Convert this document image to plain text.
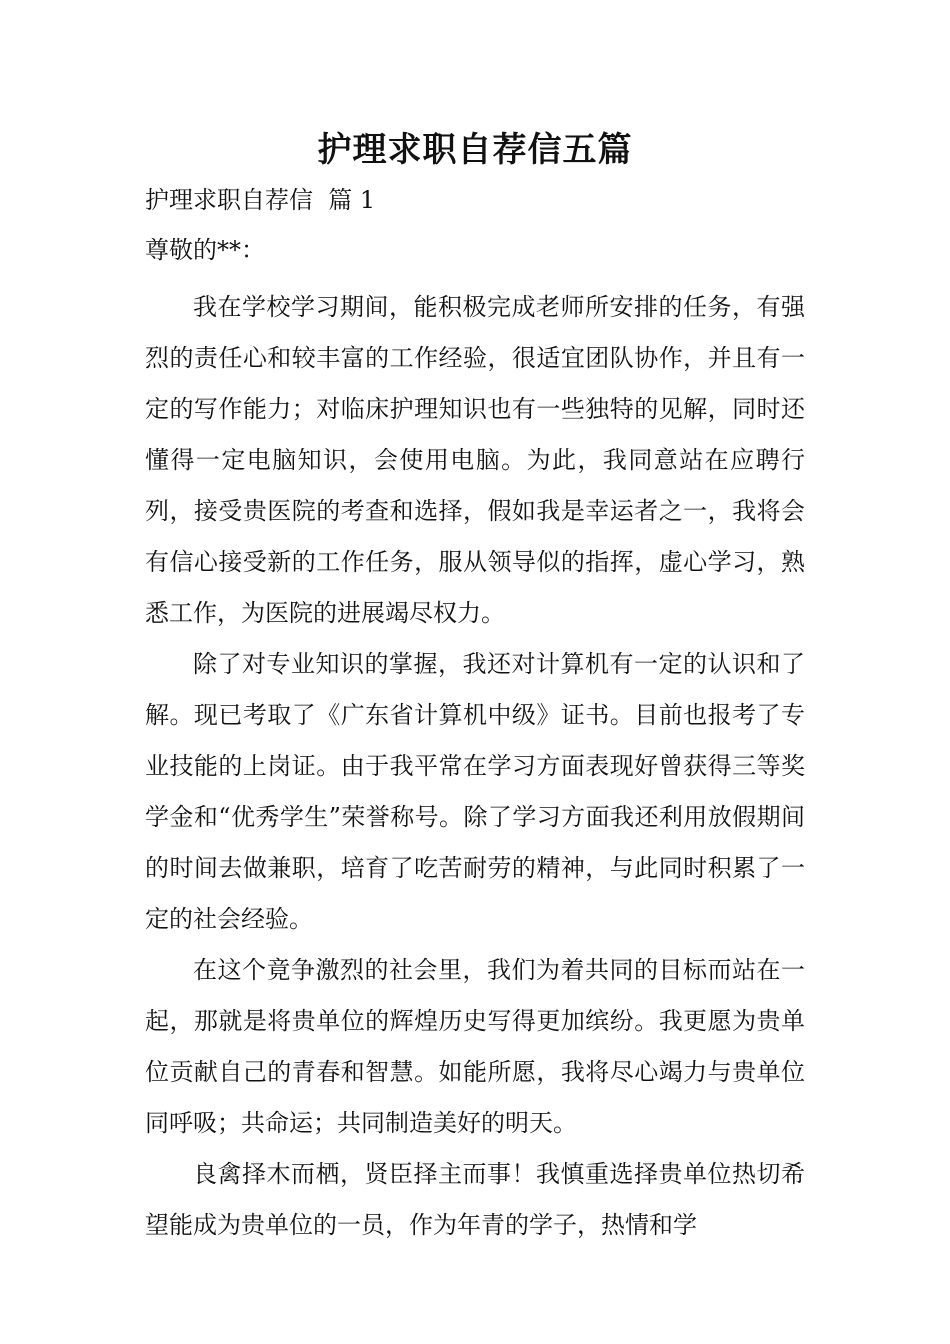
护理求职自荐信五篇
护理求职自荐信  篇 1
尊敬的**：

我在学校学习期间，能积极完成老师所安排的任务，有强烈的责任心和较丰富的工作经验，很适宜团队协作，并且有一定的写作能力；对临床护理知识也有一些独特的见解，同时还懂得一定电脑知识，会使用电脑。为此，我同意站在应聘行列，接受贵医院的考查和选择，假如我是幸运者之一，我将会有信心接受新的工作任务，服从领导似的指挥，虚心学习，熟悉工作，为医院的进展竭尽权力。

除了对专业知识的掌握，我还对计算机有一定的认识和了解。现已考取了《广东省计算机中级》证书。目前也报考了专业技能的上岗证。由于我平常在学习方面表现好曾获得三等奖学金和“优秀学生”荣誉称号。除了学习方面我还利用放假期间的时间去做兼职，培育了吃苦耐劳的精神，与此同时积累了一定的社会经验。

在这个竟争激烈的社会里，我们为着共同的目标而站在一起，那就是将贵单位的辉煌历史写得更加缤纷。我更愿为贵单位贡献自己的青春和智慧。如能所愿，我将尽心竭力与贵单位同呼吸；共命运；共同制造美好的明天。

良禽择木而栖，贤臣择主而事！我慎重选择贵单位热切希望能成为贵单位的一员，作为年青的学子，热情和学
